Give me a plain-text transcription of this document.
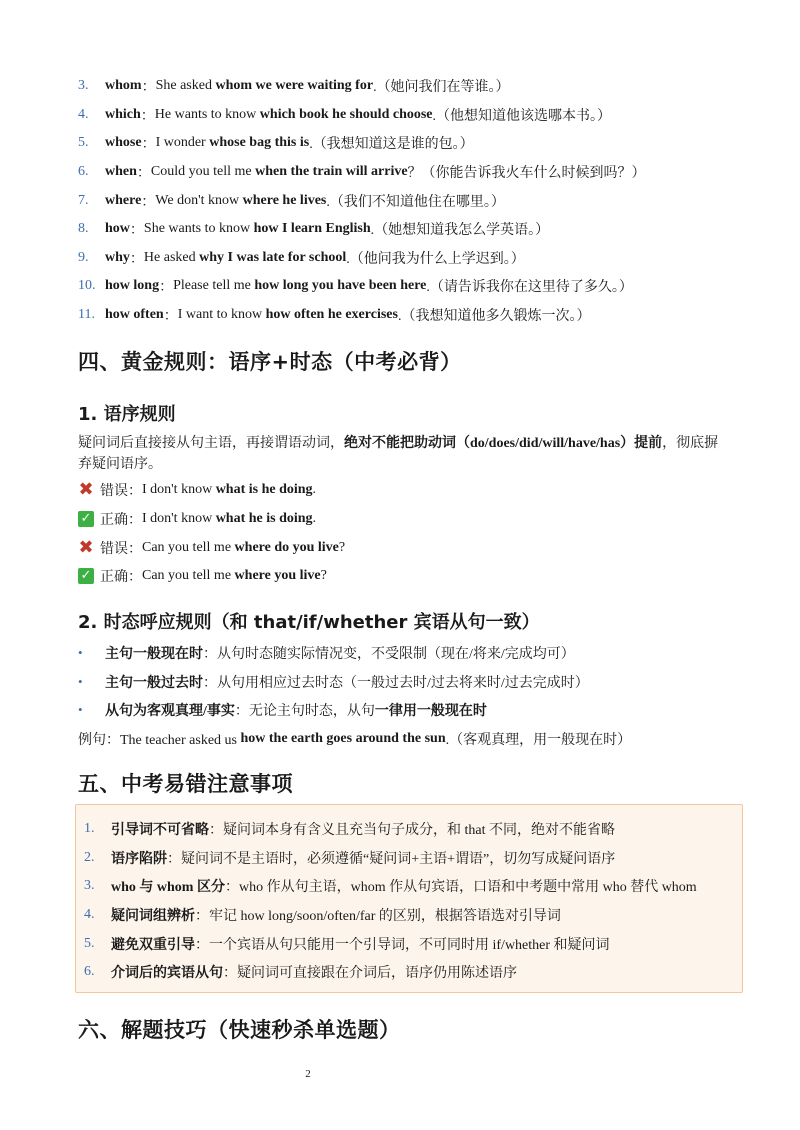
3.	whom ： She asked whom we were waiting for .（她问我们在等谁。）
4.	which ： He wants to know which book he should choose .（他想知道他该选哪本书。）
5.	whose ： I wonder whose bag this is .（我想知道这是谁的包。）
6.	when ： Could you tell me when the train will arrive ？（你能告诉我火车什么时候到吗？）
7.	where ： We don't know where he lives .（我们不知道他住在哪里。）
8.	how ： She wants to know how I learn English .（她想知道我怎么学英语。）
9.	why ： He asked why I was late for school .（他问我为什么上学迟到。）
10. how long ： Please tell me how long you have been here .（请告诉我你在这里待了多久。）
11. how often ： I want to know how often he exercises .（我想知道他多久锻炼一次。）
四、黄金规则：语序+时态（中考必背）
1. 语序规则
疑问词后直接接从句主语，再接谓语动词，绝对不能把助动词（do/does/did/will/have/has）提前，彻底摒弃疑问语序。
✖ 错误 ： I don't know what is he doing .
✓ 正确 ： I don't know what he is doing .
✖ 错误 ： Can you tell me where do you live ?
✓ 正确 ： Can you tell me where you live ?
2. 时态呼应规则（和 that/if/whether 宾语从句一致）
•	主句一般现在时 ：从句时态随实际情况变，不受限制（现在/将来/完成均可）
•	主句一般过去时 ：从句用相应过去时态（一般过去时/过去将来时/过去完成时）
•	从句为客观真理/事实 ：无论主句时态，从句 一律用一般现在时
例句：The teacher asked us how the earth goes around the sun .（客观真理，用一般现在时）
五、中考易错注意事项
1.	引导词不可省略 ：疑问词本身有含义且充当句子成分，和 that 不同，绝对不能省略
2.	语序陷阱 ：疑问词不是主语时，必须遵循“疑问词+主语+谓语”，切勿写成疑问语序
3.	who 与 whom 区分 ：who 作从句主语，whom 作从句宾语，口语和中考题中常用 who 替代 whom
4.	疑问词组辨析 ：牢记 how long/soon/often/far 的区别，根据答语选对引导词
5.	避免双重引导 ：一个宾语从句只能用一个引导词，不可同时用 if/whether 和疑问词
6.	介词后的宾语从句 ：疑问词可直接跟在介词后，语序仍用陈述语序
六、解题技巧（快速秒杀单选题）
2
